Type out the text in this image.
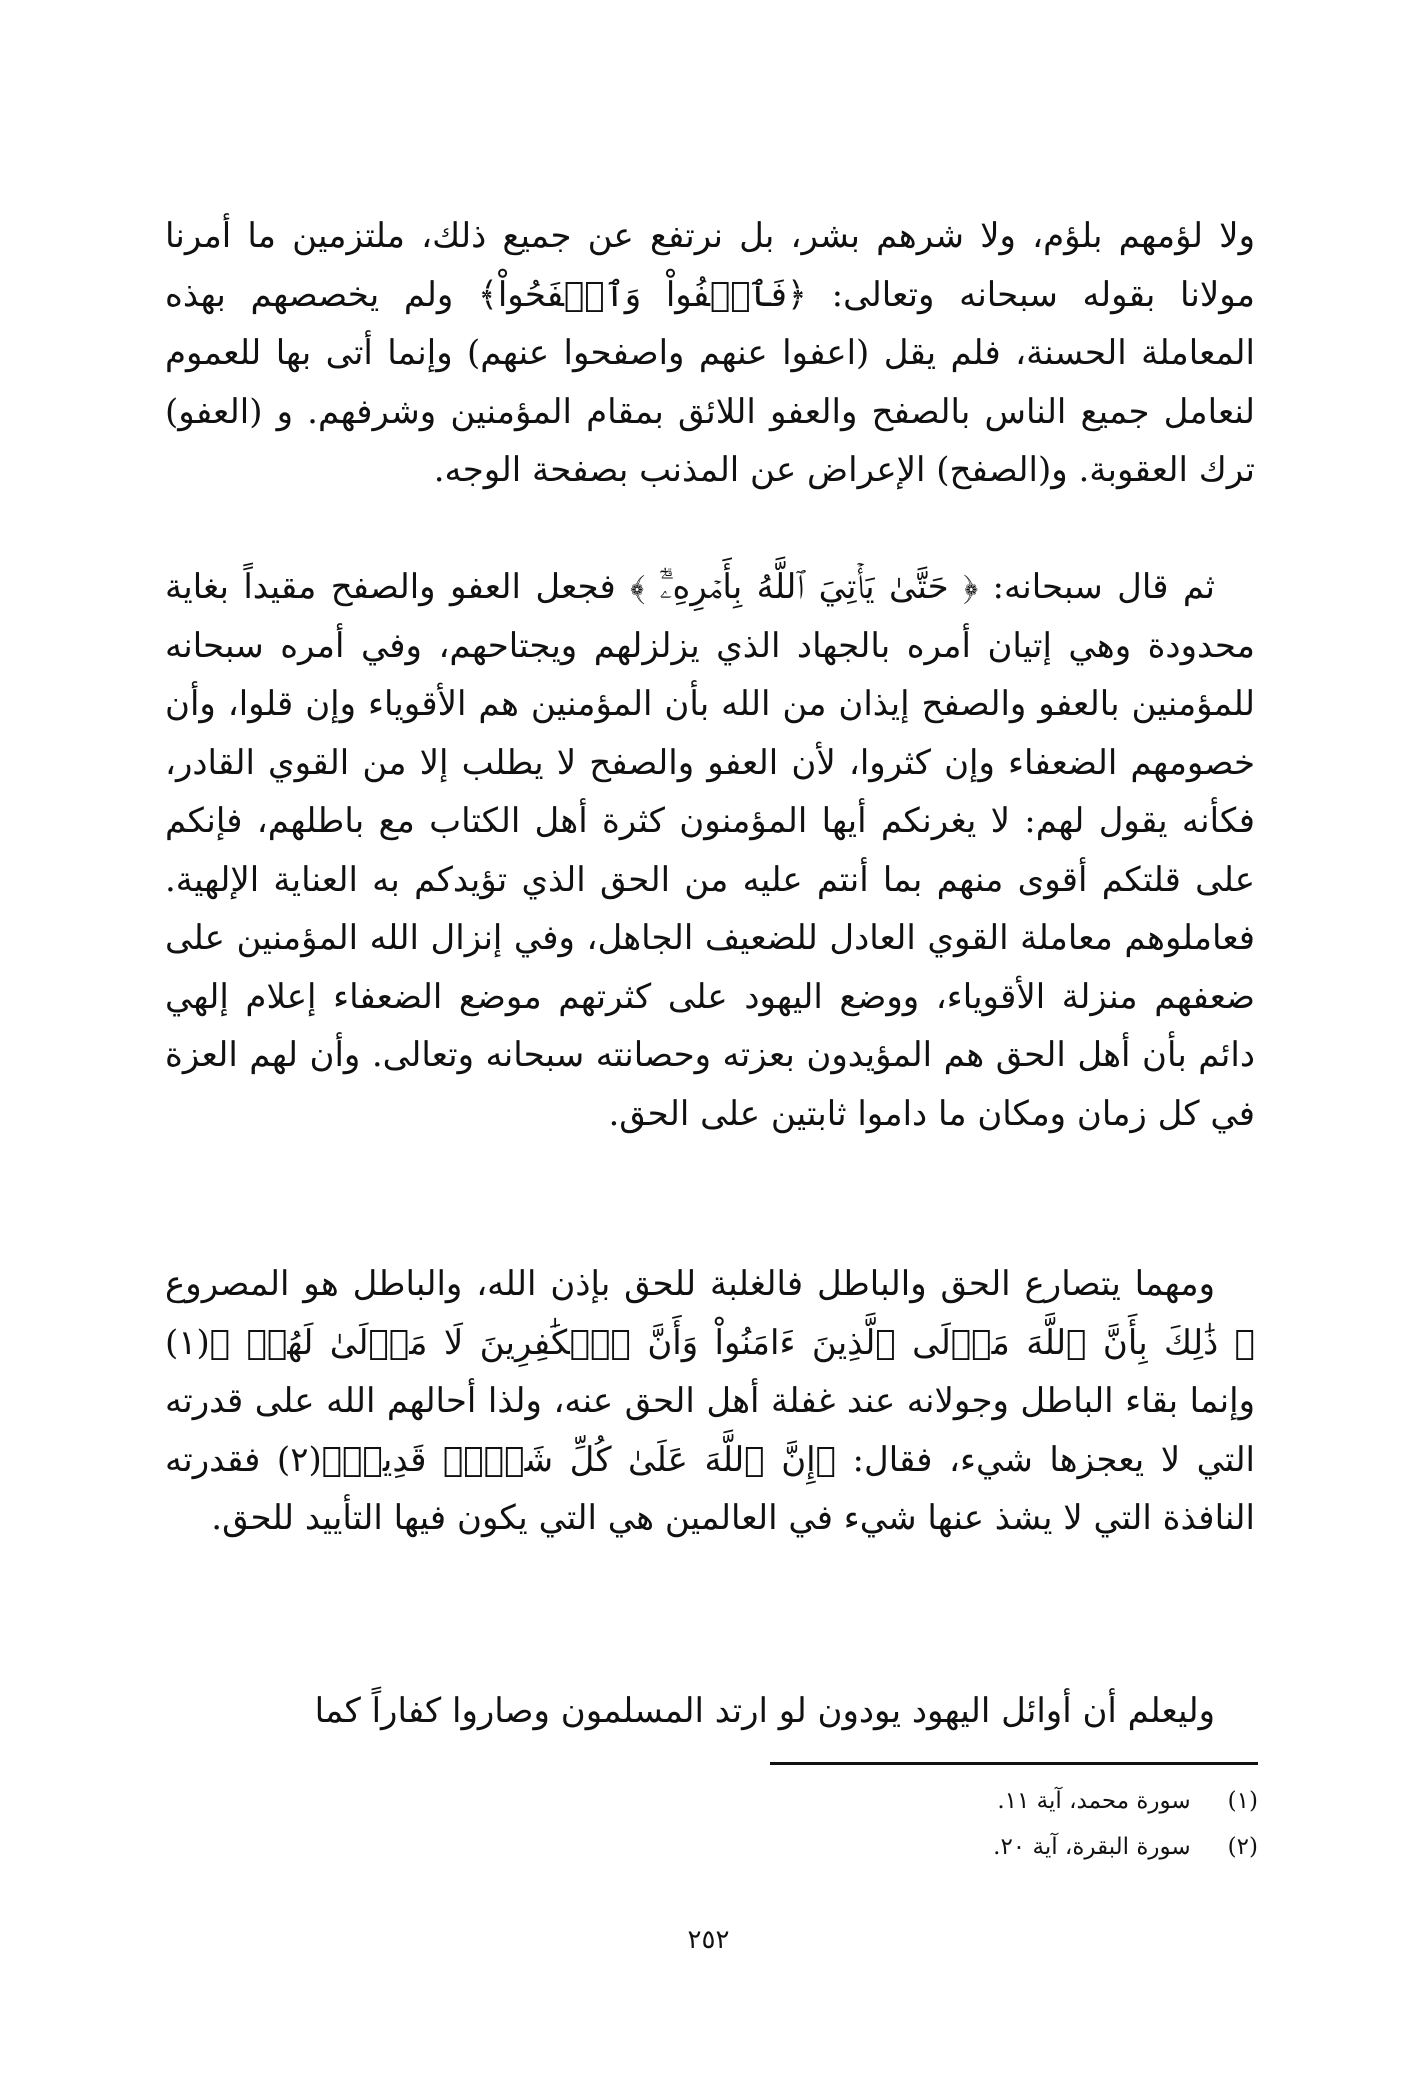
ولا لؤمهم بلؤم، ولا شرهم بشر، بل نرتفع عن جميع ذلك، ملتزمين ما أمرنا مولانا بقوله سبحانه وتعالى: ﴿فَٱعۡفُواْ وَٱصۡفَحُواْ﴾ ولم يخصصهم بهذه المعاملة الحسنة، فلم يقل (اعفوا عنهم واصفحوا عنهم) وإنما أتى بها للعموم لنعامل جميع الناس بالصفح والعفو اللائق بمقام المؤمنين وشرفهم. و (العفو) ترك العقوبة. و(الصفح) الإعراض عن المذنب بصفحة الوجه.

ثم قال سبحانه: ﴿ حَتَّىٰ يَأۡتِيَ ٱللَّهُ بِأَمۡرِهِۦٓۗ ﴾ فجعل العفو والصفح مقيداً بغاية محدودة وهي إتيان أمره بالجهاد الذي يزلزلهم ويجتاحهم، وفي أمره سبحانه للمؤمنين بالعفو والصفح إيذان من الله بأن المؤمنين هم الأقوياء وإن قلوا، وأن خصومهم الضعفاء وإن كثروا، لأن العفو والصفح لا يطلب إلا من القوي القادر، فكأنه يقول لهم: لا يغرنكم أيها المؤمنون كثرة أهل الكتاب مع باطلهم، فإنكم على قلتكم أقوى منهم بما أنتم عليه من الحق الذي تؤيدكم به العناية الإلهية. فعاملوهم معاملة القوي العادل للضعيف الجاهل، وفي إنزال الله المؤمنين على ضعفهم منزلة الأقوياء، ووضع اليهود على كثرتهم موضع الضعفاء إعلام إلهي دائم بأن أهل الحق هم المؤيدون بعزته وحصانته سبحانه وتعالى. وأن لهم العزة في كل زمان ومكان ما داموا ثابتين على الحق.

ومهما يتصارع الحق والباطل فالغلبة للحق بإذن الله، والباطل هو المصروع ﴿ ذَٰلِكَ بِأَنَّ ٱللَّهَ مَوۡلَى ٱلَّذِينَ ءَامَنُواْ وَأَنَّ ٱلۡكَٰفِرِينَ لَا مَوۡلَىٰ لَهُمۡ ﴾(١) وإنما بقاء الباطل وجولانه عند غفلة أهل الحق عنه، ولذا أحالهم الله على قدرته التي لا يعجزها شيء، فقال: ﴿إِنَّ ٱللَّهَ عَلَىٰ كُلِّ شَيۡءٖ قَدِيرٞ﴾(٢) فقدرته النافذة التي لا يشذ عنها شيء في العالمين هي التي يكون فيها التأييد للحق.

وليعلم أن أوائل اليهود يودون لو ارتد المسلمون وصاروا كفاراً كما

(١) سورة محمد، آية ١١.
(٢) سورة البقرة، آية ٢٠.
٢٥٢
